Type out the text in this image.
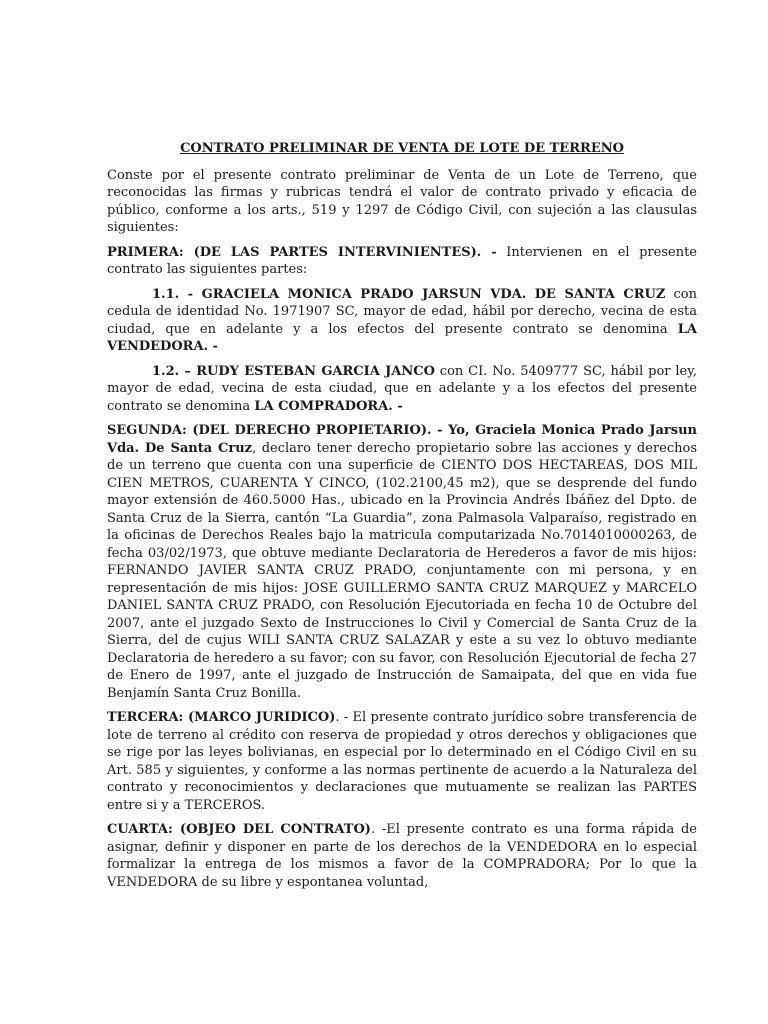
CONTRATO PRELIMINAR DE VENTA DE LOTE DE TERRENO

Conste por el presente contrato preliminar de Venta de un Lote de Terreno, que reconocidas las firmas y rubricas tendrá el valor de contrato privado y eficacia de público, conforme a los arts., 519 y 1297 de Código Civil, con sujeción a las clausulas siguientes:

PRIMERA: (DE LAS PARTES INTERVINIENTES). - Intervienen en el presente contrato las siguientes partes:

1.1. - GRACIELA MONICA PRADO JARSUN VDA. DE SANTA CRUZ con cedula de identidad No. 1971907 SC, mayor de edad, hábil por derecho, vecina de esta ciudad, que en adelante y a los efectos del presente contrato se denomina LA VENDEDORA. -

1.2. – RUDY ESTEBAN GARCIA JANCO con CI. No. 5409777 SC, hábil por ley, mayor de edad, vecina de esta ciudad, que en adelante y a los efectos del presente contrato se denomina LA COMPRADORA. -

SEGUNDA: (DEL DERECHO PROPIETARIO). - Yo, Graciela Monica Prado Jarsun Vda. De Santa Cruz, declaro tener derecho propietario sobre las acciones y derechos de un terreno que cuenta con una superficie de CIENTO DOS HECTAREAS, DOS MIL CIEN METROS, CUARENTA Y CINCO, (102.2100,45 m2), que se desprende del fundo mayor extensión de 460.5000 Has., ubicado en la Provincia Andrés Ibáñez del Dpto. de Santa Cruz de la Sierra, cantón “La Guardia”, zona Palmasola Valparaíso, registrado en la oficinas de Derechos Reales bajo la matricula computarizada No.7014010000263, de fecha 03/02/1973, que obtuve mediante Declaratoria de Herederos a favor de mis hijos: FERNANDO JAVIER SANTA CRUZ PRADO, conjuntamente con mi persona, y en representación de mis hijos: JOSE GUILLERMO SANTA CRUZ MARQUEZ y MARCELO DANIEL SANTA CRUZ PRADO, con Resolución Ejecutoriada en fecha 10 de Octubre del 2007, ante el juzgado Sexto de Instrucciones lo Civil y Comercial de Santa Cruz de la Sierra, del de cujus WILI SANTA CRUZ SALAZAR y este a su vez lo obtuvo mediante Declaratoria de heredero a su favor; con su favor, con Resolución Ejecutorial de fecha 27 de Enero de 1997, ante el juzgado de Instrucción de Samaipata, del que en vida fue Benjamín Santa Cruz Bonilla.

TERCERA: (MARCO JURIDICO). - El presente contrato jurídico sobre transferencia de lote de terreno al crédito con reserva de propiedad y otros derechos y obligaciones que se rige por las leyes bolivianas, en especial por lo determinado en el Código Civil en su Art. 585 y siguientes, y conforme a las normas pertinente de acuerdo a la Naturaleza del contrato y reconocimientos y declaraciones que mutuamente se realizan las PARTES entre si y a TERCEROS.

CUARTA: (OBJEO DEL CONTRATO). -El presente contrato es una forma rápida de asignar, definir y disponer en parte de los derechos de la VENDEDORA en lo especial formalizar la entrega de los mismos a favor de la COMPRADORA; Por lo que la VENDEDORA de su libre y espontanea voluntad,
